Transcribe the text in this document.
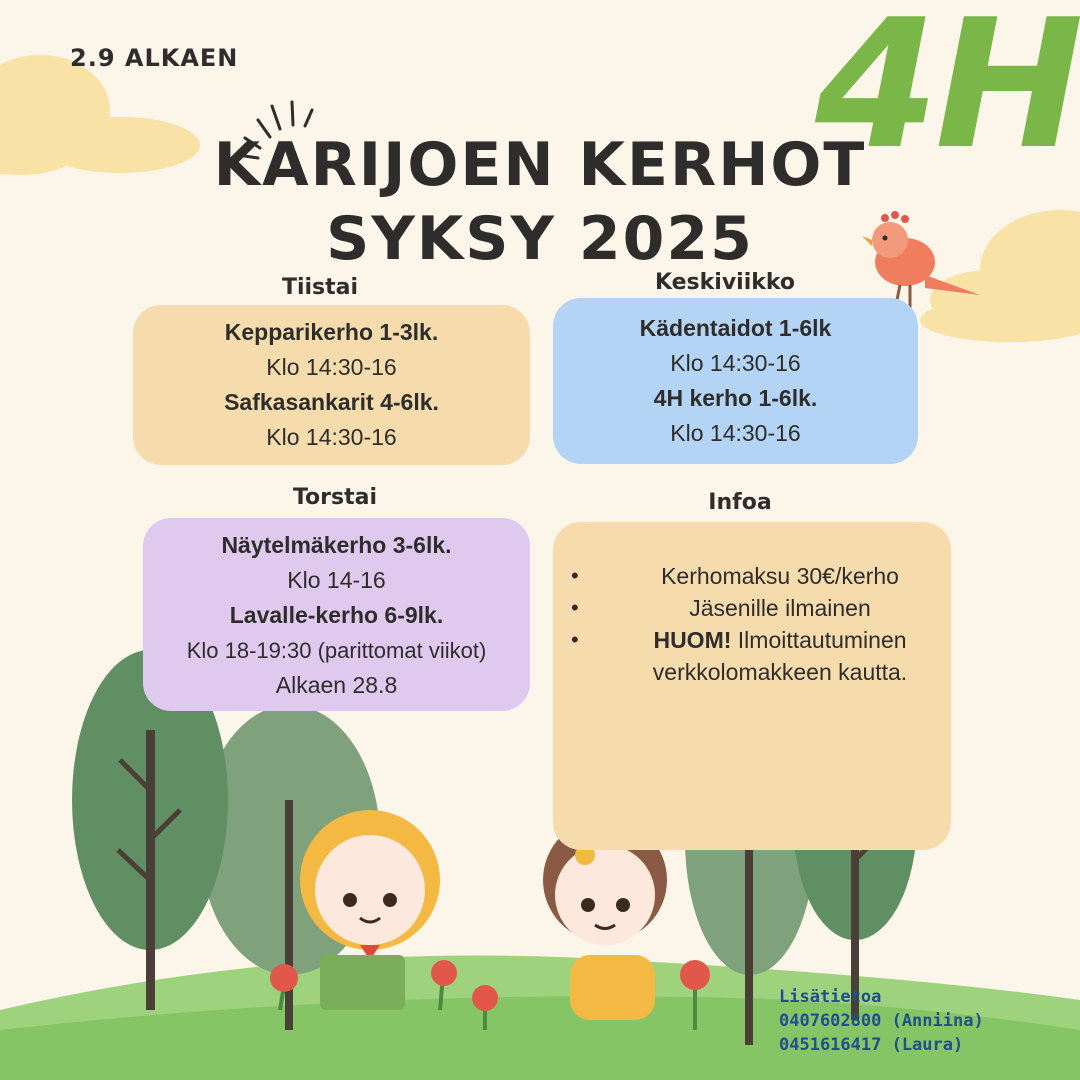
2.9 ALKAEN	4H
KARIJOEN KERHOT
SYKSY 2025
Tiistai
Kepparikerho 1-3lk.
Klo 14:30-16
Safkasankarit 4-6lk.
Klo 14:30-16
Keskiviikko
Kädentaidot 1-6lk
Klo 14:30-16
4H kerho 1-6lk.
Klo 14:30-16
Torstai
Näytelmäkerho 3-6lk.
Klo 14-16
Lavalle-kerho 6-9lk.
Klo 18-19:30 (parittomat viikot)
Alkaen 28.8
Infoa
•	Kerhomaksu 30€/kerho
•	Jäsenille ilmainen
•	HUOM! Ilmoittautuminen verkkolomakkeen kautta.
Lisätietoa
0407602800 (Anniina)
0451616417 (Laura)
